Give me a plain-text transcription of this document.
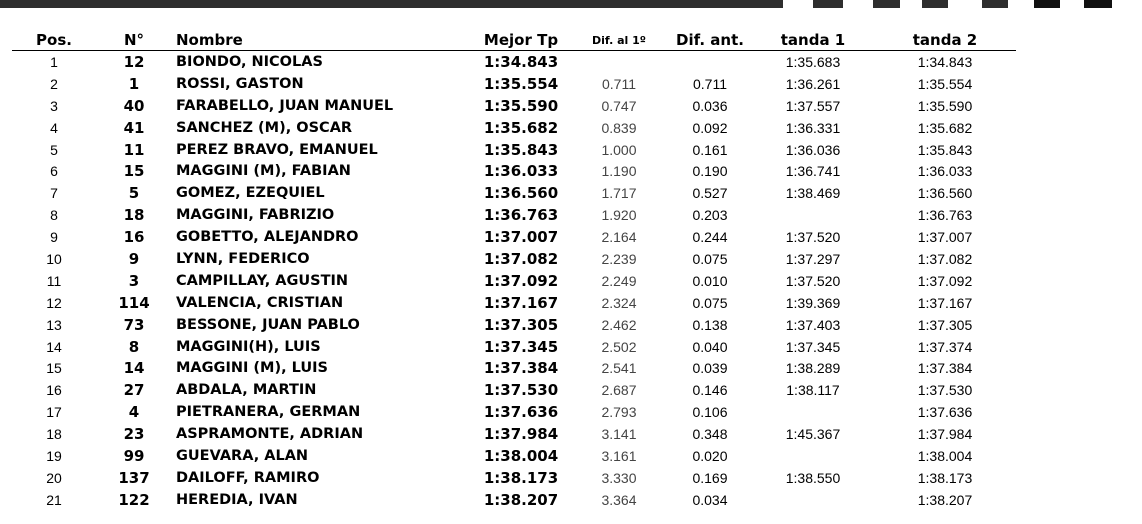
Pos.	N°	Nombre	Mejor Tp	Dif. al 1º	Dif. ant.	tanda 1	tanda 2
1	12	BIONDO, NICOLAS	1:34.843			1:35.683	1:34.843
2	1	ROSSI, GASTON	1:35.554	0.711	0.711	1:36.261	1:35.554
3	40	FARABELLO, JUAN MANUEL	1:35.590	0.747	0.036	1:37.557	1:35.590
4	41	SANCHEZ (M), OSCAR	1:35.682	0.839	0.092	1:36.331	1:35.682
5	11	PEREZ BRAVO, EMANUEL	1:35.843	1.000	0.161	1:36.036	1:35.843
6	15	MAGGINI (M), FABIAN	1:36.033	1.190	0.190	1:36.741	1:36.033
7	5	GOMEZ, EZEQUIEL	1:36.560	1.717	0.527	1:38.469	1:36.560
8	18	MAGGINI, FABRIZIO	1:36.763	1.920	0.203		1:36.763
9	16	GOBETTO, ALEJANDRO	1:37.007	2.164	0.244	1:37.520	1:37.007
10	9	LYNN, FEDERICO	1:37.082	2.239	0.075	1:37.297	1:37.082
11	3	CAMPILLAY, AGUSTIN	1:37.092	2.249	0.010	1:37.520	1:37.092
12	114	VALENCIA, CRISTIAN	1:37.167	2.324	0.075	1:39.369	1:37.167
13	73	BESSONE, JUAN PABLO	1:37.305	2.462	0.138	1:37.403	1:37.305
14	8	MAGGINI(H), LUIS	1:37.345	2.502	0.040	1:37.345	1:37.374
15	14	MAGGINI (M), LUIS	1:37.384	2.541	0.039	1:38.289	1:37.384
16	27	ABDALA, MARTIN	1:37.530	2.687	0.146	1:38.117	1:37.530
17	4	PIETRANERA, GERMAN	1:37.636	2.793	0.106		1:37.636
18	23	ASPRAMONTE, ADRIAN	1:37.984	3.141	0.348	1:45.367	1:37.984
19	99	GUEVARA, ALAN	1:38.004	3.161	0.020		1:38.004
20	137	DAILOFF, RAMIRO	1:38.173	3.330	0.169	1:38.550	1:38.173
21	122	HEREDIA, IVAN	1:38.207	3.364	0.034		1:38.207
